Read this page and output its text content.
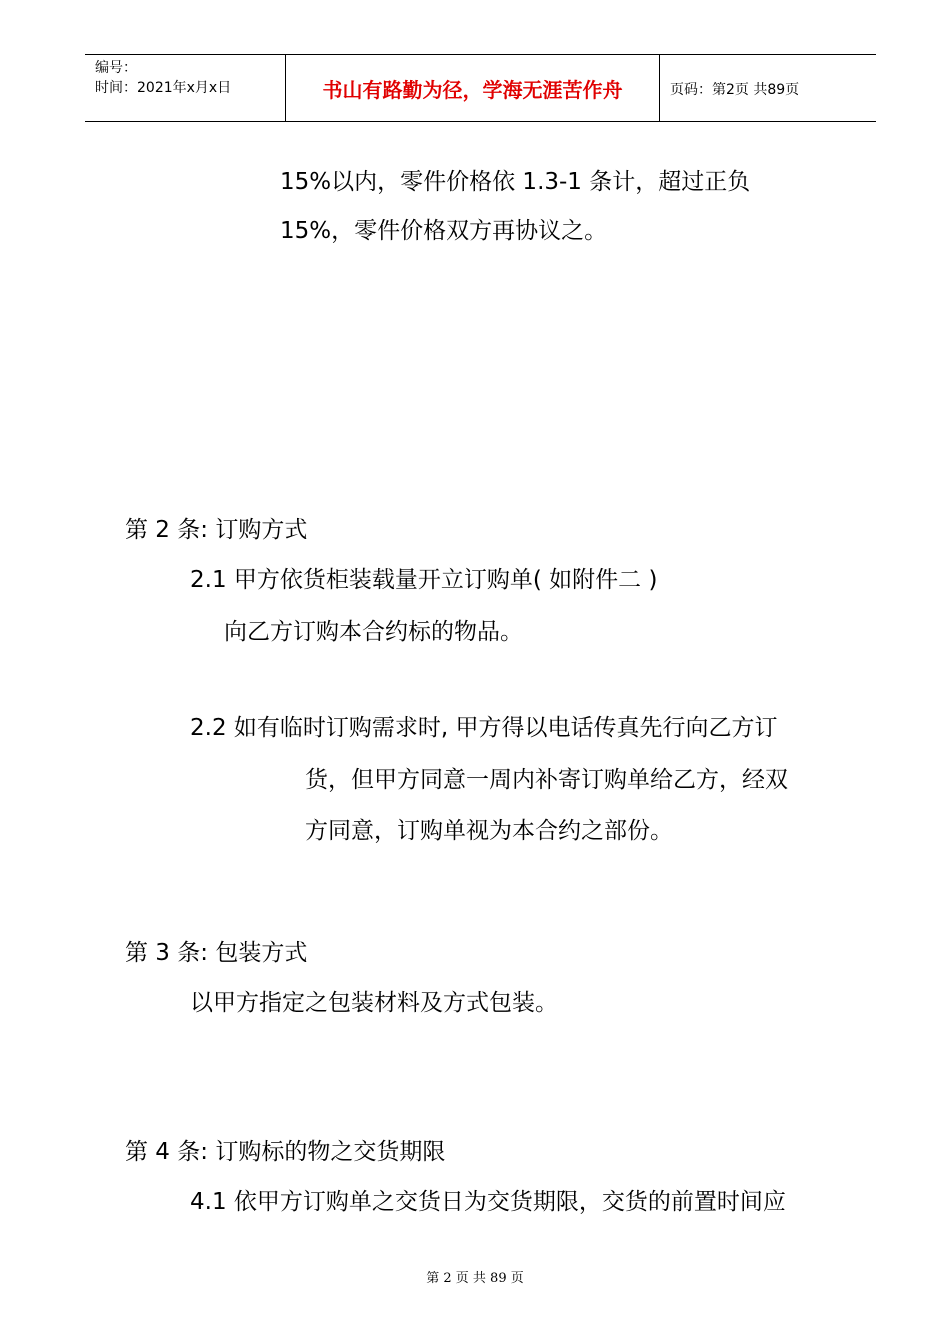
编号：
时间：2021年x月x日	书山有路勤为径，学海无涯苦作舟	页码：第2页 共89页
15%以内，零件价格依 1.3-1 条计，超过正负
15%，零件价格双方再协议之。
第 2 条: 订购方式
2.1 甲方依货柜装载量开立订购单( 如附件二 )
向乙方订购本合约标的物品。
2.2 如有临时订购需求时, 甲方得以电话传真先行向乙方订
货，但甲方同意一周内补寄订购单给乙方，经双
方同意，订购单视为本合约之部份。
第 3 条: 包装方式
以甲方指定之包装材料及方式包装。
第 4 条: 订购标的物之交货期限
4.1 依甲方订购单之交货日为交货期限，交货的前置时间应
第 2 页 共 89 页
